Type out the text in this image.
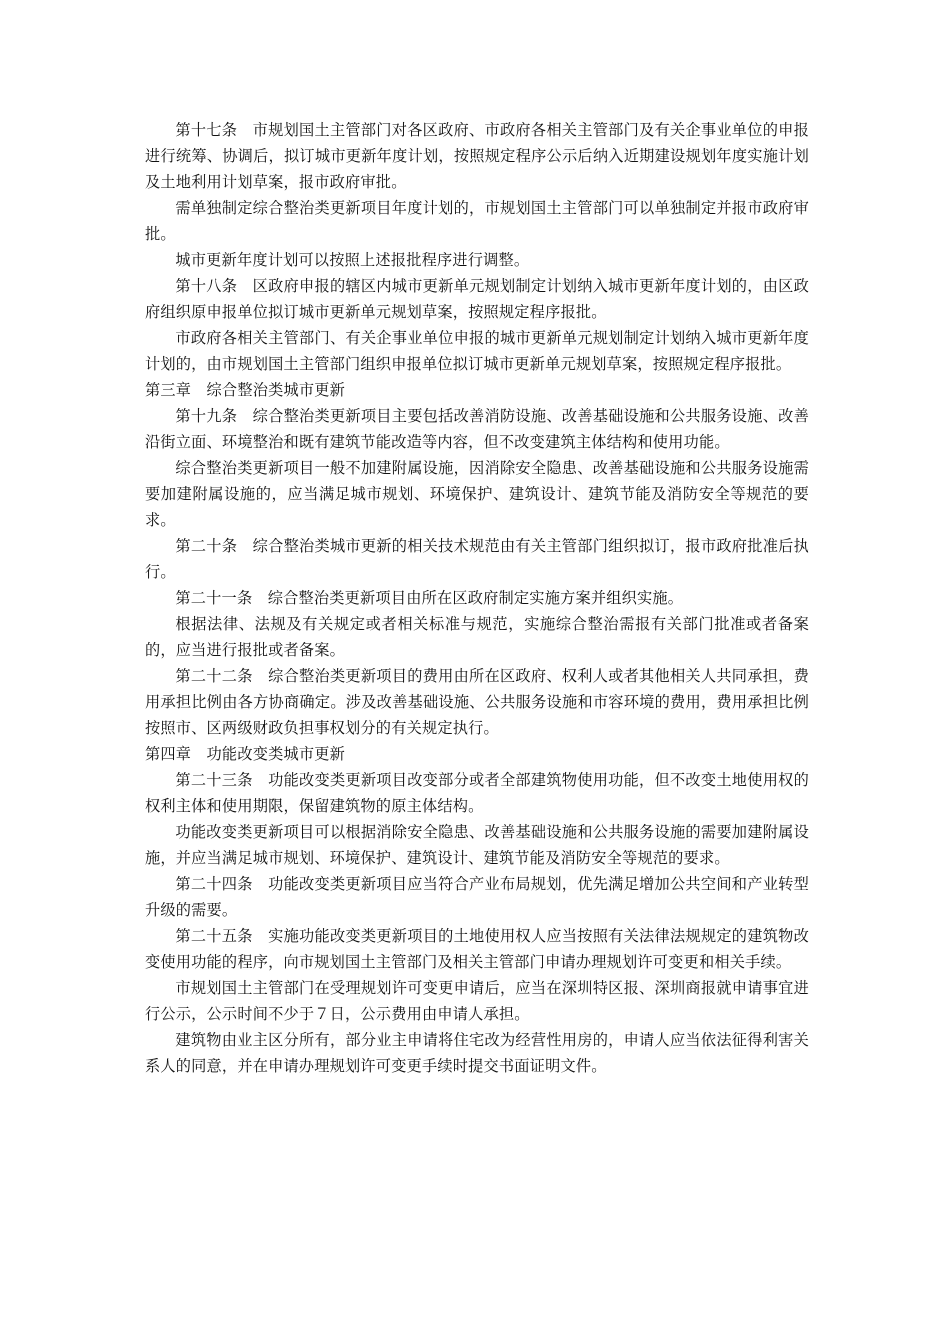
第十七条　市规划国土主管部门对各区政府、市政府各相关主管部门及有关企事业单位的申报进行统筹、协调后，拟订城市更新年度计划，按照规定程序公示后纳入近期建设规划年度实施计划及土地利用计划草案，报市政府审批。

需单独制定综合整治类更新项目年度计划的，市规划国土主管部门可以单独制定并报市政府审批。

城市更新年度计划可以按照上述报批程序进行调整。

第十八条　区政府申报的辖区内城市更新单元规划制定计划纳入城市更新年度计划的，由区政府组织原申报单位拟订城市更新单元规划草案，按照规定程序报批。

市政府各相关主管部门、有关企事业单位申报的城市更新单元规划制定计划纳入城市更新年度计划的，由市规划国土主管部门组织申报单位拟订城市更新单元规划草案，按照规定程序报批。

第三章　综合整治类城市更新

第十九条　综合整治类更新项目主要包括改善消防设施、改善基础设施和公共服务设施、改善沿街立面、环境整治和既有建筑节能改造等内容，但不改变建筑主体结构和使用功能。

综合整治类更新项目一般不加建附属设施，因消除安全隐患、改善基础设施和公共服务设施需要加建附属设施的，应当满足城市规划、环境保护、建筑设计、建筑节能及消防安全等规范的要求。

第二十条　综合整治类城市更新的相关技术规范由有关主管部门组织拟订，报市政府批准后执行。

第二十一条　综合整治类更新项目由所在区政府制定实施方案并组织实施。

根据法律、法规及有关规定或者相关标准与规范，实施综合整治需报有关部门批准或者备案的，应当进行报批或者备案。

第二十二条　综合整治类更新项目的费用由所在区政府、权利人或者其他相关人共同承担，费用承担比例由各方协商确定。涉及改善基础设施、公共服务设施和市容环境的费用，费用承担比例按照市、区两级财政负担事权划分的有关规定执行。

第四章　功能改变类城市更新

第二十三条　功能改变类更新项目改变部分或者全部建筑物使用功能，但不改变土地使用权的权利主体和使用期限，保留建筑物的原主体结构。

功能改变类更新项目可以根据消除安全隐患、改善基础设施和公共服务设施的需要加建附属设施，并应当满足城市规划、环境保护、建筑设计、建筑节能及消防安全等规范的要求。

第二十四条　功能改变类更新项目应当符合产业布局规划，优先满足增加公共空间和产业转型升级的需要。

第二十五条　实施功能改变类更新项目的土地使用权人应当按照有关法律法规规定的建筑物改变使用功能的程序，向市规划国土主管部门及相关主管部门申请办理规划许可变更和相关手续。

市规划国土主管部门在受理规划许可变更申请后，应当在深圳特区报、深圳商报就申请事宜进行公示，公示时间不少于７日，公示费用由申请人承担。

建筑物由业主区分所有，部分业主申请将住宅改为经营性用房的，申请人应当依法征得利害关系人的同意，并在申请办理规划许可变更手续时提交书面证明文件。
